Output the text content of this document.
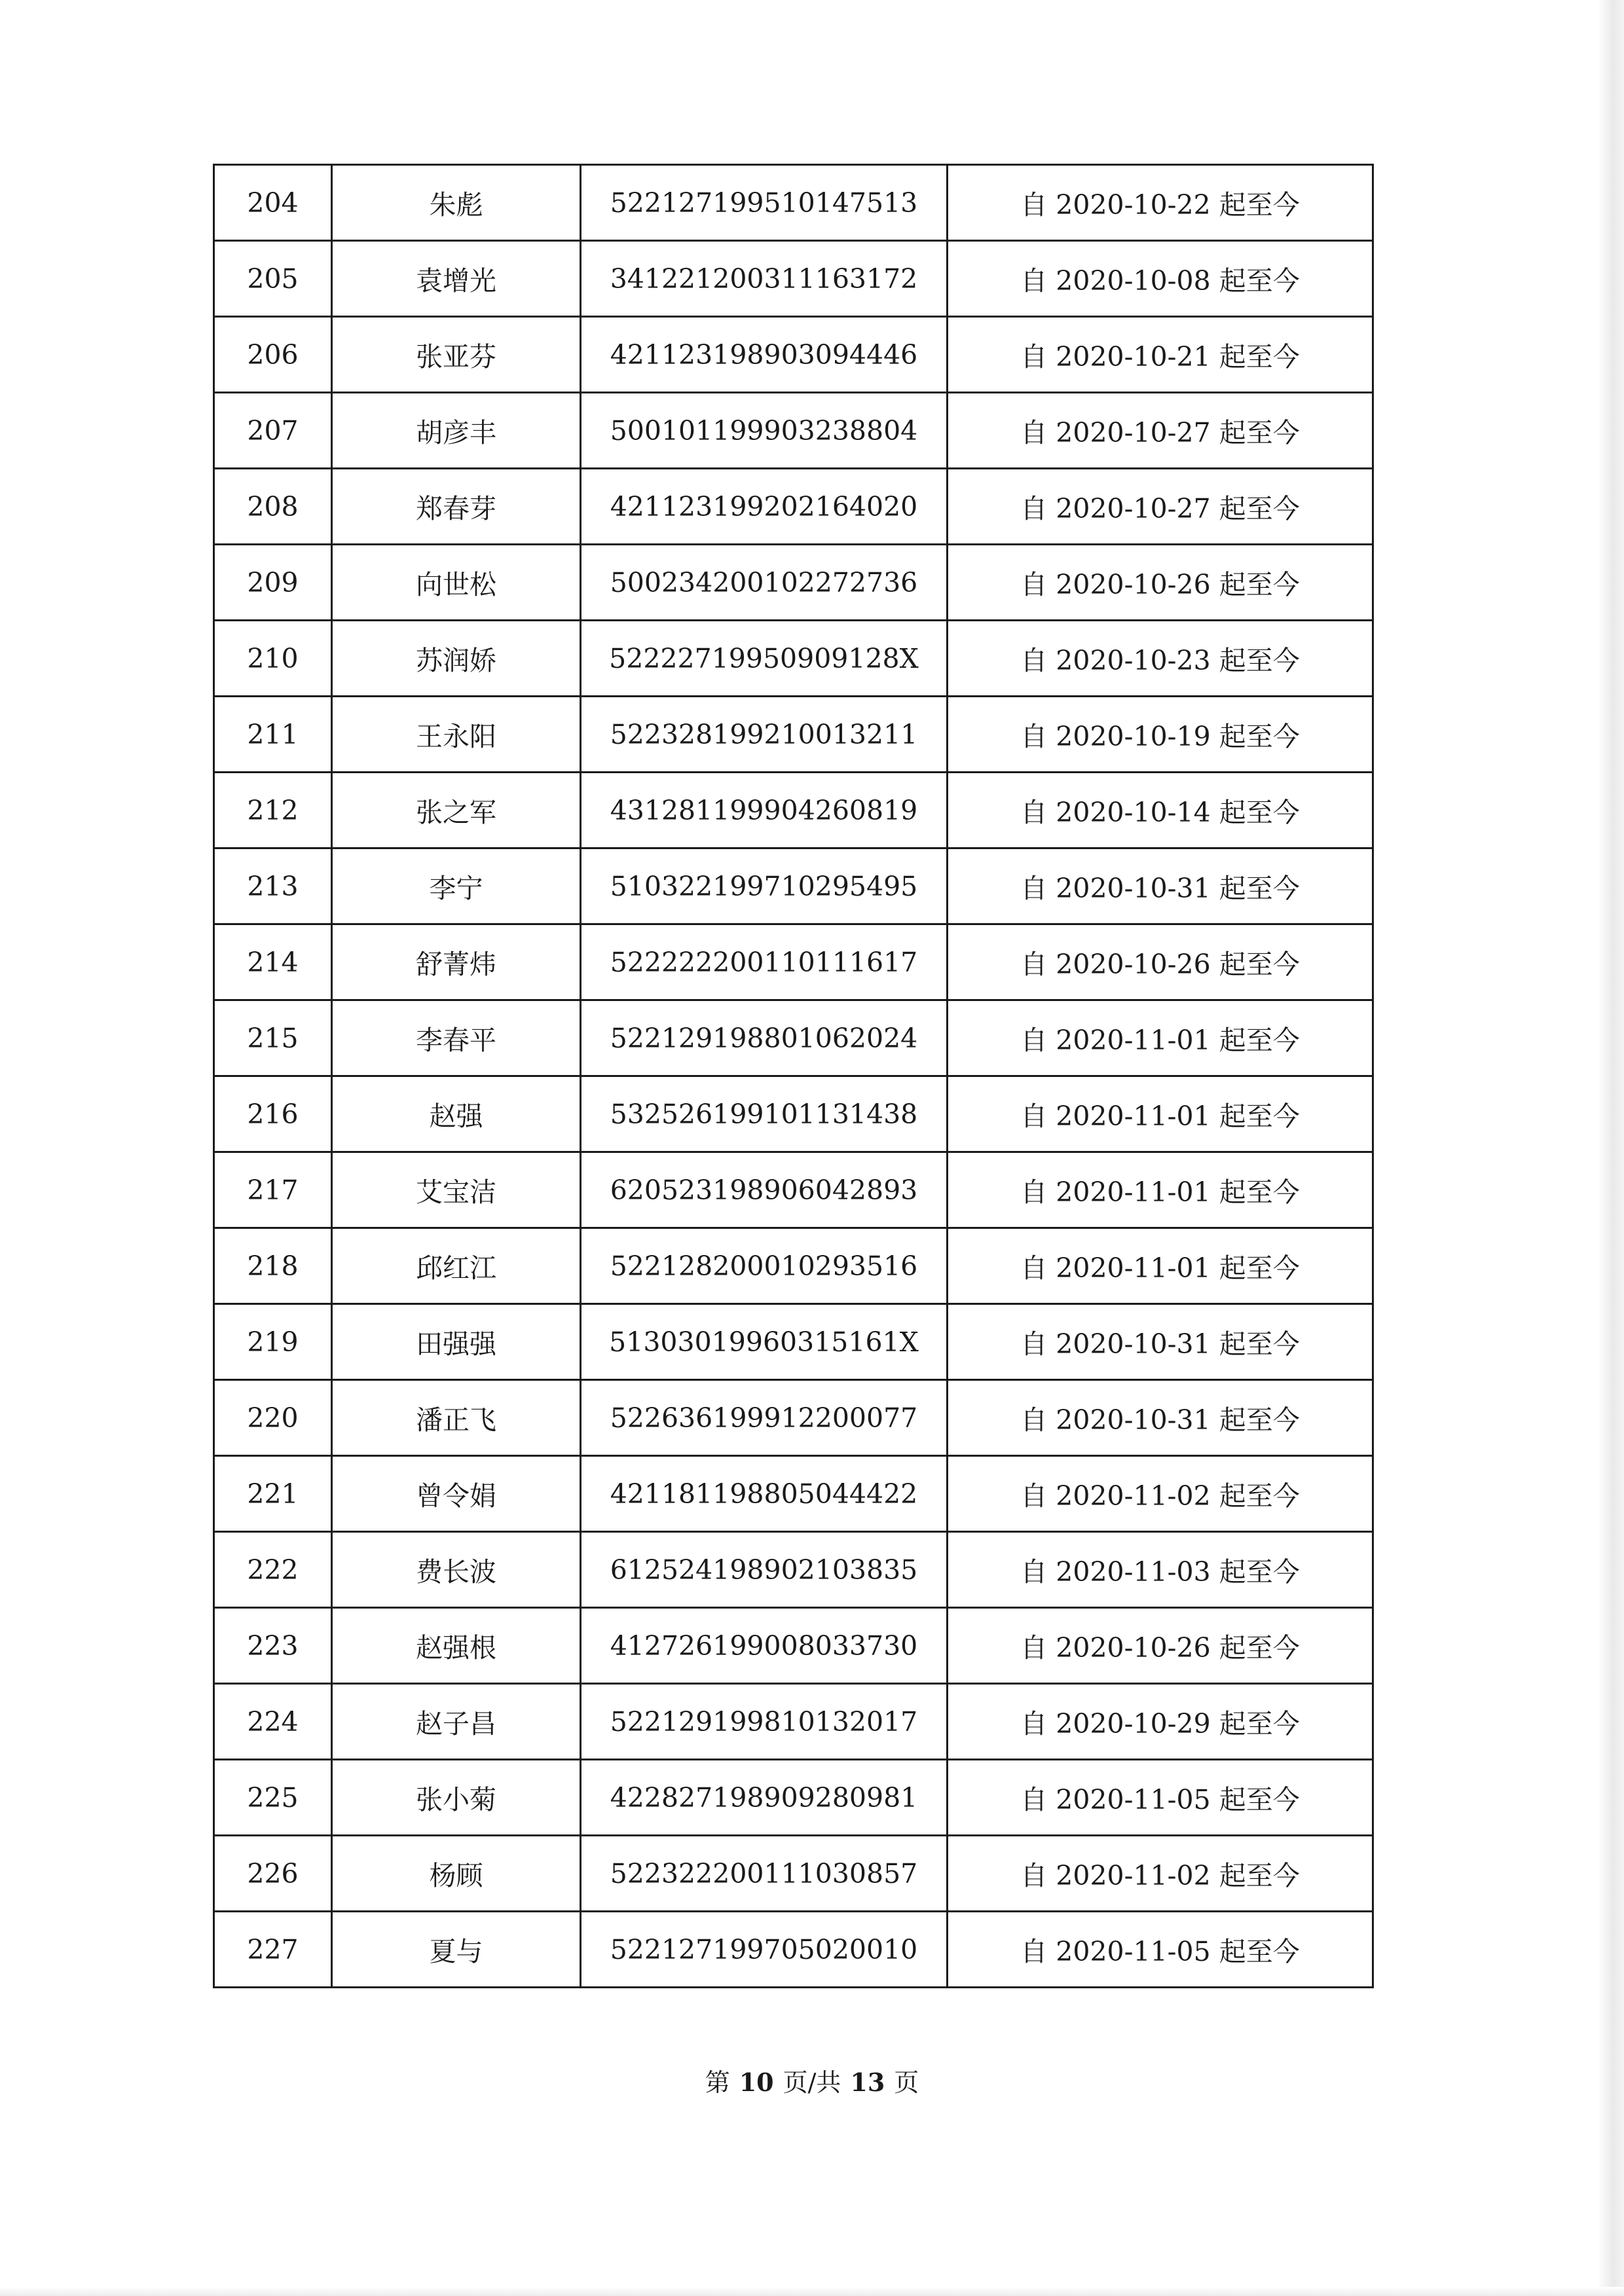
204	朱彪	522127199510147513	自 2020-10-22 起至今
205	袁增光	341221200311163172	自 2020-10-08 起至今
206	张亚芬	421123198903094446	自 2020-10-21 起至今
207	胡彦丰	500101199903238804	自 2020-10-27 起至今
208	郑春芽	421123199202164020	自 2020-10-27 起至今
209	向世松	500234200102272736	自 2020-10-26 起至今
210	苏润娇	52222719950909128X	自 2020-10-23 起至今
211	王永阳	522328199210013211	自 2020-10-19 起至今
212	张之军	431281199904260819	自 2020-10-14 起至今
213	李宁	510322199710295495	自 2020-10-31 起至今
214	舒菁炜	522222200110111617	自 2020-10-26 起至今
215	李春平	522129198801062024	自 2020-11-01 起至今
216	赵强	532526199101131438	自 2020-11-01 起至今
217	艾宝洁	620523198906042893	自 2020-11-01 起至今
218	邱红江	522128200010293516	自 2020-11-01 起至今
219	田强强	51303019960315161X	自 2020-10-31 起至今
220	潘正飞	522636199912200077	自 2020-10-31 起至今
221	曾令娟	421181198805044422	自 2020-11-02 起至今
222	费长波	612524198902103835	自 2020-11-03 起至今
223	赵强根	412726199008033730	自 2020-10-26 起至今
224	赵子昌	522129199810132017	自 2020-10-29 起至今
225	张小菊	422827198909280981	自 2020-11-05 起至今
226	杨顾	522322200111030857	自 2020-11-02 起至今
227	夏与	522127199705020010	自 2020-11-05 起至今
第 10 页/共 13 页
